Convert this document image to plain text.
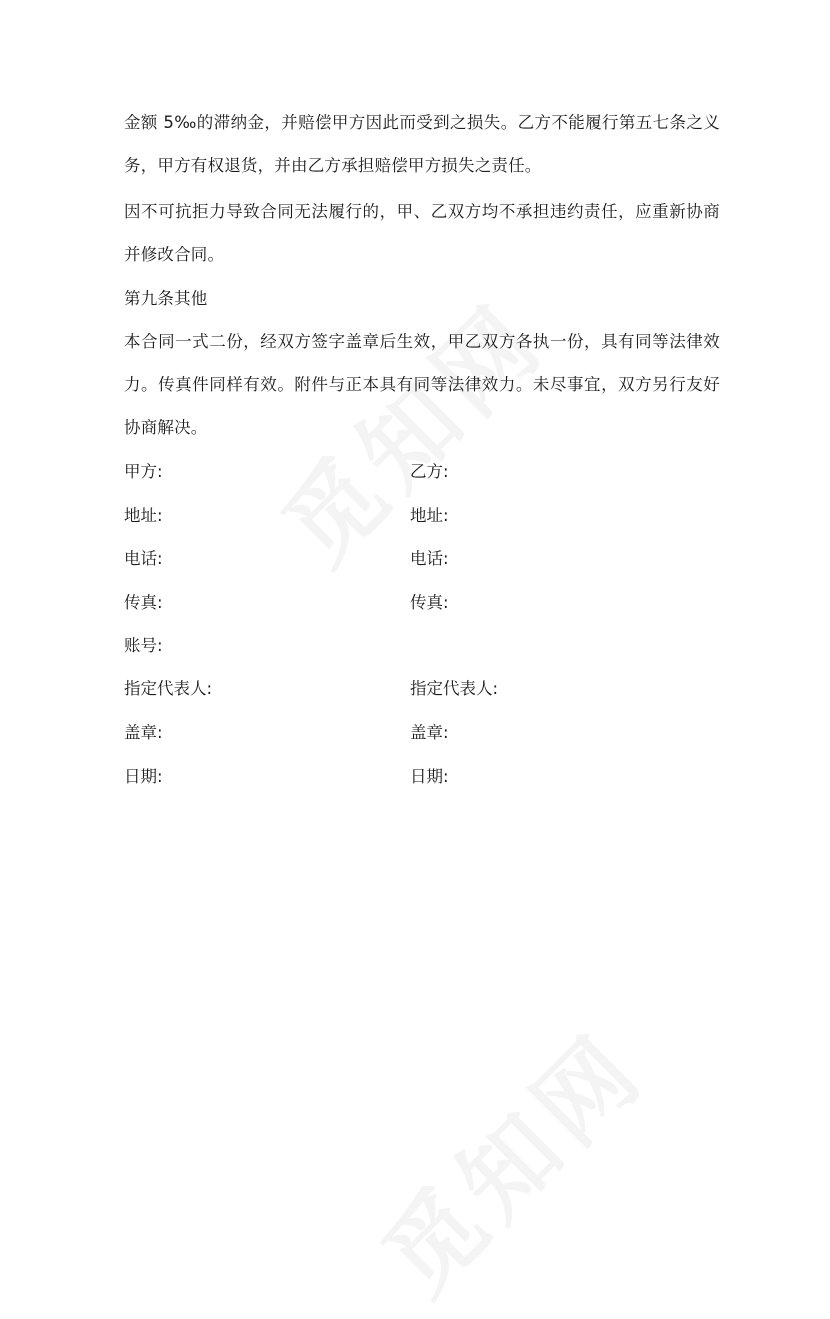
金额 5‰的滞纳金，并赔偿甲方因此而受到之损失。乙方不能履行第五七条之义
务，甲方有权退货，并由乙方承担赔偿甲方损失之责任。
因不可抗拒力导致合同无法履行的，甲、乙双方均不承担违约责任，应重新协商
并修改合同。
第九条其他
本合同一式二份，经双方签字盖章后生效，甲乙双方各执一份，具有同等法律效
力。传真件同样有效。附件与正本具有同等法律效力。未尽事宜，双方另行友好
协商解决。
甲方:	乙方:
地址:	地址:
电话:	电话:
传真:	传真:
账号:
指定代表人:	指定代表人:
盖章:	盖章:
日期:	日期:
